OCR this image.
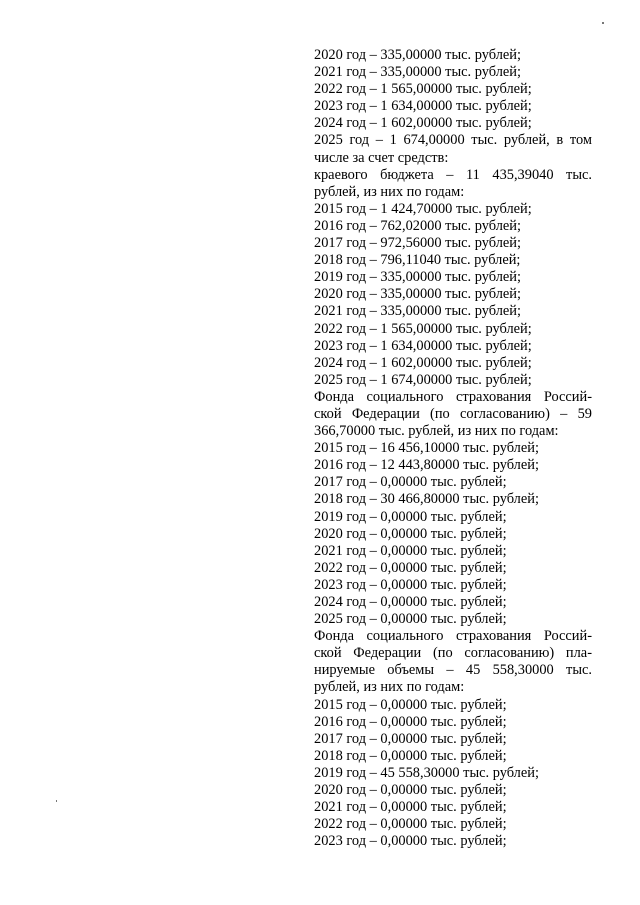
2020 год – 335,00000 тыс. рублей;
2021 год – 335,00000 тыс. рублей;
2022 год – 1 565,00000 тыс. рублей;
2023 год – 1 634,00000 тыс. рублей;
2024 год – 1 602,00000 тыс. рублей;
2025 год – 1 674,00000 тыс. рублей, в том
числе за счет средств:
краевого бюджета – 11 435,39040 тыс.
рублей, из них по годам:
2015 год – 1 424,70000 тыс. рублей;
2016 год – 762,02000 тыс. рублей;
2017 год – 972,56000 тыс. рублей;
2018 год – 796,11040 тыс. рублей;
2019 год – 335,00000 тыс. рублей;
2020 год – 335,00000 тыс. рублей;
2021 год – 335,00000 тыс. рублей;
2022 год – 1 565,00000 тыс. рублей;
2023 год – 1 634,00000 тыс. рублей;
2024 год – 1 602,00000 тыс. рублей;
2025 год – 1 674,00000 тыс. рублей;
Фонда социального страхования Россий-
ской Федерации (по согласованию) – 59
366,70000 тыс. рублей, из них по годам:
2015 год – 16 456,10000 тыс. рублей;
2016 год – 12 443,80000 тыс. рублей;
2017 год – 0,00000 тыс. рублей;
2018 год – 30 466,80000 тыс. рублей;
2019 год – 0,00000 тыс. рублей;
2020 год – 0,00000 тыс. рублей;
2021 год – 0,00000 тыс. рублей;
2022 год – 0,00000 тыс. рублей;
2023 год – 0,00000 тыс. рублей;
2024 год – 0,00000 тыс. рублей;
2025 год – 0,00000 тыс. рублей;
Фонда социального страхования Россий-
ской Федерации (по согласованию) пла-
нируемые объемы – 45 558,30000 тыс.
рублей, из них по годам:
2015 год – 0,00000 тыс. рублей;
2016 год – 0,00000 тыс. рублей;
2017 год – 0,00000 тыс. рублей;
2018 год – 0,00000 тыс. рублей;
2019 год – 45 558,30000 тыс. рублей;
2020 год – 0,00000 тыс. рублей;
2021 год – 0,00000 тыс. рублей;
2022 год – 0,00000 тыс. рублей;
2023 год – 0,00000 тыс. рублей;
